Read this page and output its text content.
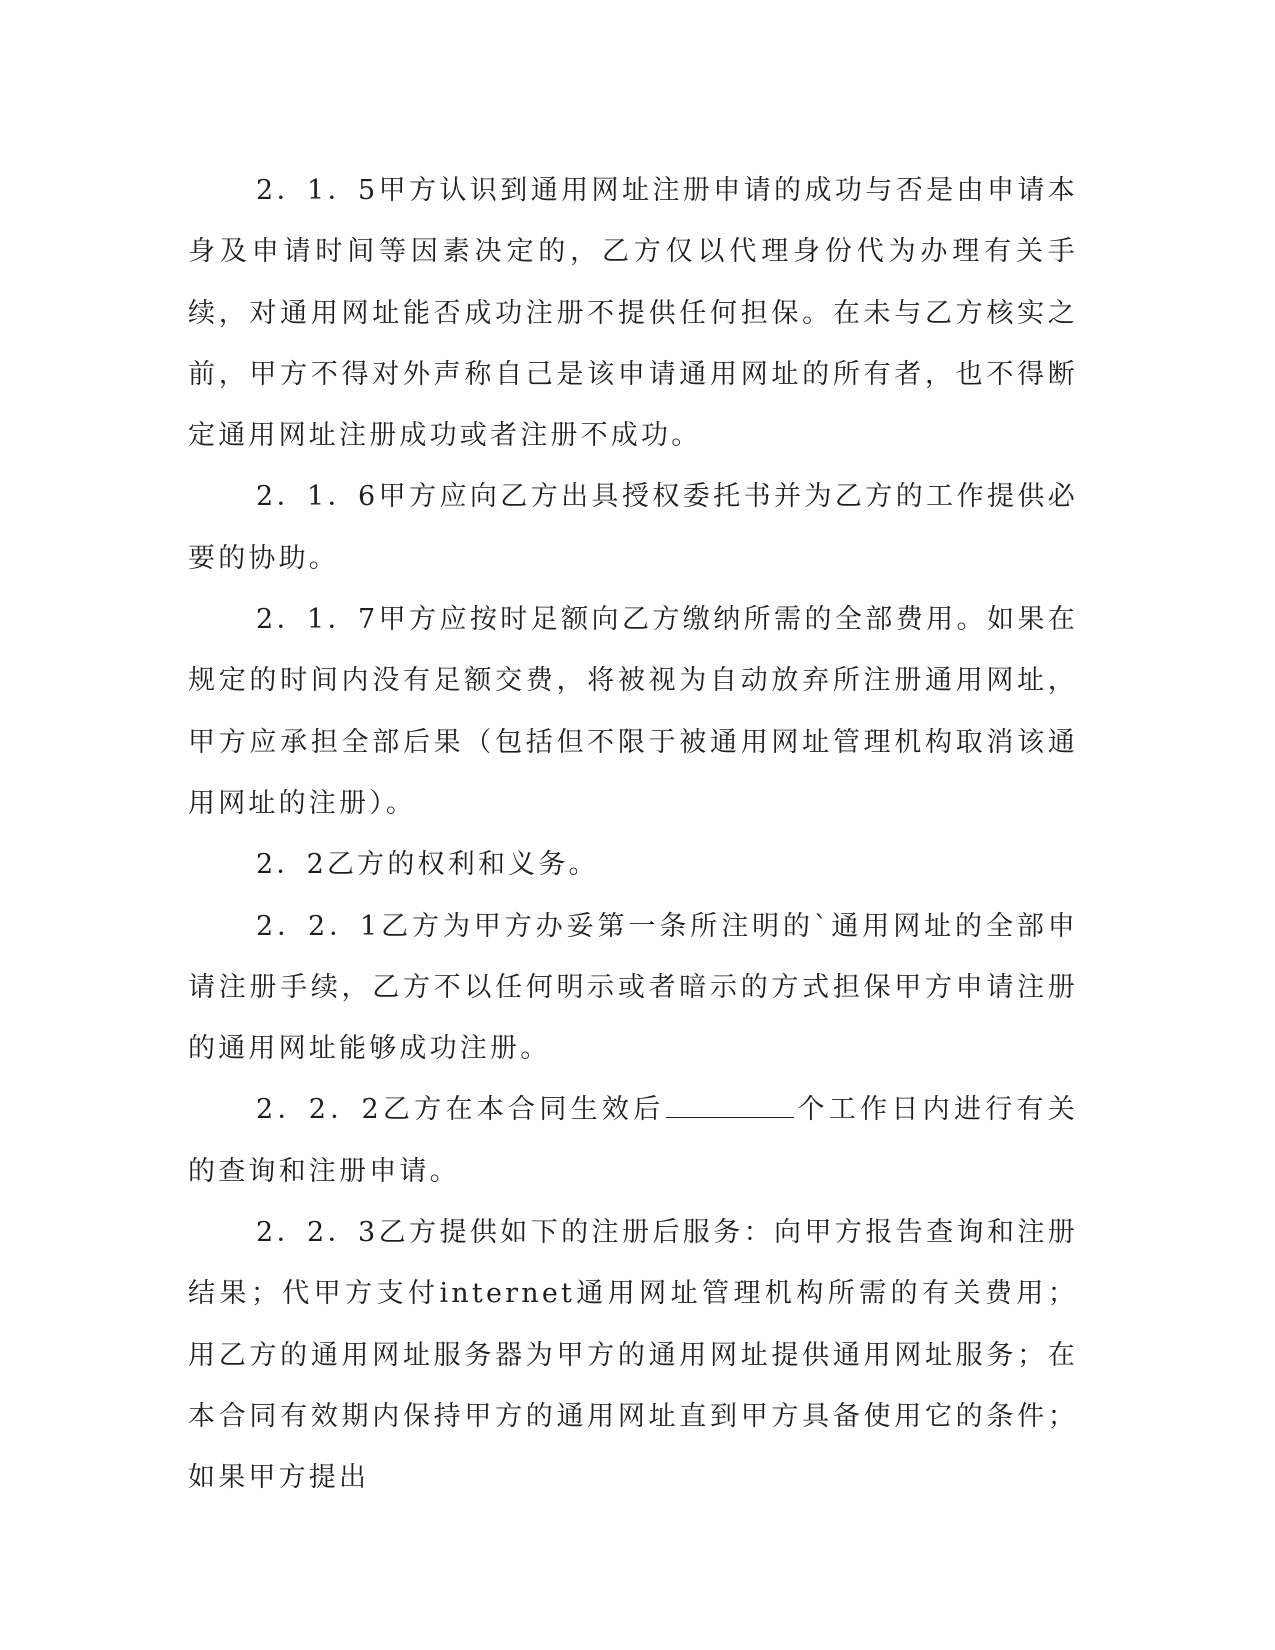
2．1．5甲方认识到通用网址注册申请的成功与否是由申请本身及申请时间等因素决定的，乙方仅以代理身份代为办理有关手续，对通用网址能否成功注册不提供任何担保。在未与乙方核实之前，甲方不得对外声称自己是该申请通用网址的所有者，也不得断定通用网址注册成功或者注册不成功。

2．1．6甲方应向乙方出具授权委托书并为乙方的工作提供必要的协助。

2．1．7甲方应按时足额向乙方缴纳所需的全部费用。如果在规定的时间内没有足额交费，将被视为自动放弃所注册通用网址，甲方应承担全部后果（包括但不限于被通用网址管理机构取消该通用网址的注册）。

2．2乙方的权利和义务。

2．2．1乙方为甲方办妥第一条所注明的`通用网址的全部申请注册手续，乙方不以任何明示或者暗示的方式担保甲方申请注册的通用网址能够成功注册。

2．2．2乙方在本合同生效后	个工作日内进行有关的查询和注册申请。

2．2．3乙方提供如下的注册后服务：向甲方报告查询和注册结果；代甲方支付internet通用网址管理机构所需的有关费用；用乙方的通用网址服务器为甲方的通用网址提供通用网址服务；在本合同有效期内保持甲方的通用网址直到甲方具备使用它的条件；如果甲方提出
